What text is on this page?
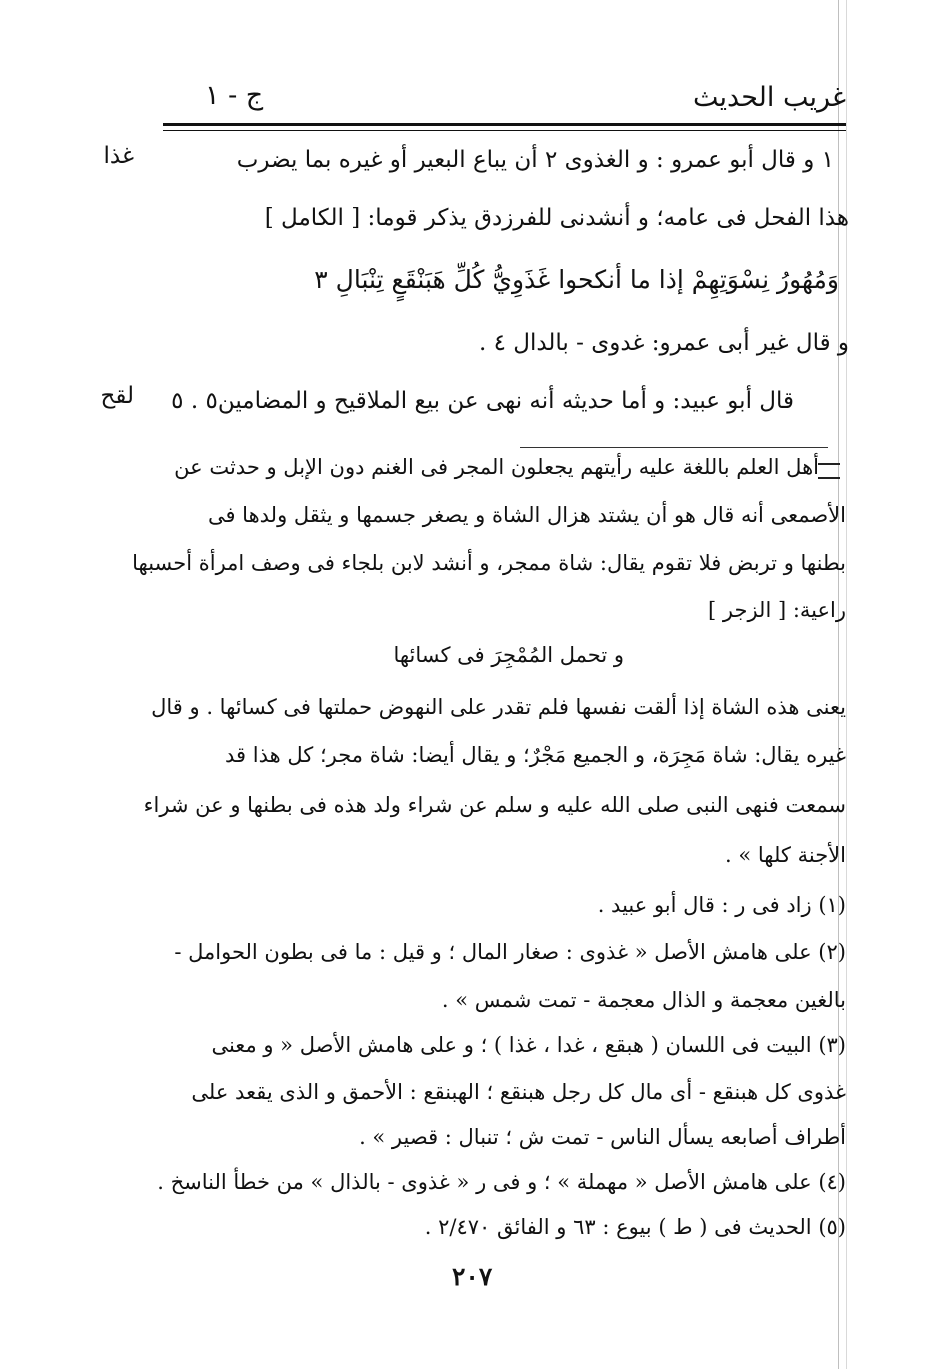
غريب الحديث
ج - ١
غذا
لقح
١ و قال أبو عمرو : و الغذوى ٢ أن يباع البعير أو غيره بما يضرب
هذا الفحل فى عامه؛ و أنشدنى للفرزدق يذكر قوما: [ الكامل ]
وَمُهُورُ نِسْوَتِهِمْ إذا ما أنكحوا غَذَوِيُّ كُلِّ هَبَنْقَعٍ تِنْبَالِ ٣
و قال غير أبى عمرو: غدوى - بالدال ٤ .
قال أبو عبيد: و أما حديثه أنه نهى عن بيع الملاقيح و المضامين٥ . ٥
أهل العلم باللغة عليه رأيتهم يجعلون المجر فى الغنم دون الإبل و حدثت عن
الأصمعى أنه قال هو أن يشتد هزال الشاة و يصغر جسمها و يثقل ولدها فى
بطنها و تربض فلا تقوم يقال: شاة ممجر، و أنشد لابن بلجاء فى وصف امرأة أحسبها
راعية: [ الزجر ]
و تحمل المُمْجِرَ فى كسائها
يعنى هذه الشاة إذا ألقت نفسها فلم تقدر على النهوض حملتها فى كسائها . و قال
غيره يقال: شاة مَجِرَة، و الجميع مَجْرٌ؛ و يقال أيضا: شاة مجر؛ كل هذا قد
سمعت فنهى النبى صلى الله عليه و سلم عن شراء ولد هذه فى بطنها و عن شراء
الأجنة كلها » .
(١) زاد فى ر : قال أبو عبيد .
(٢) على هامش الأصل « غذوى : صغار المال ؛ و قيل : ما فى بطون الحوامل -
بالغين معجمة و الذال معجمة - تمت شمس » .
(٣) البيت فى اللسان ( هبقع ، غدا ، غذا ) ؛ و على هامش الأصل « و معنى
غذوى كل هبنقع - أى مال كل رجل هبنقع ؛ الهبنقع : الأحمق و الذى يقعد على
أطراف أصابعه يسأل الناس - تمت ش ؛ تنبال : قصير » .
(٤) على هامش الأصل « مهملة » ؛ و فى ر « غذوى - بالذال » من خطأ الناسخ .
(٥) الحديث فى ( ط ) بيوع : ٦٣ و الفائق ٢/٤٧٠ .
٢٠٧
